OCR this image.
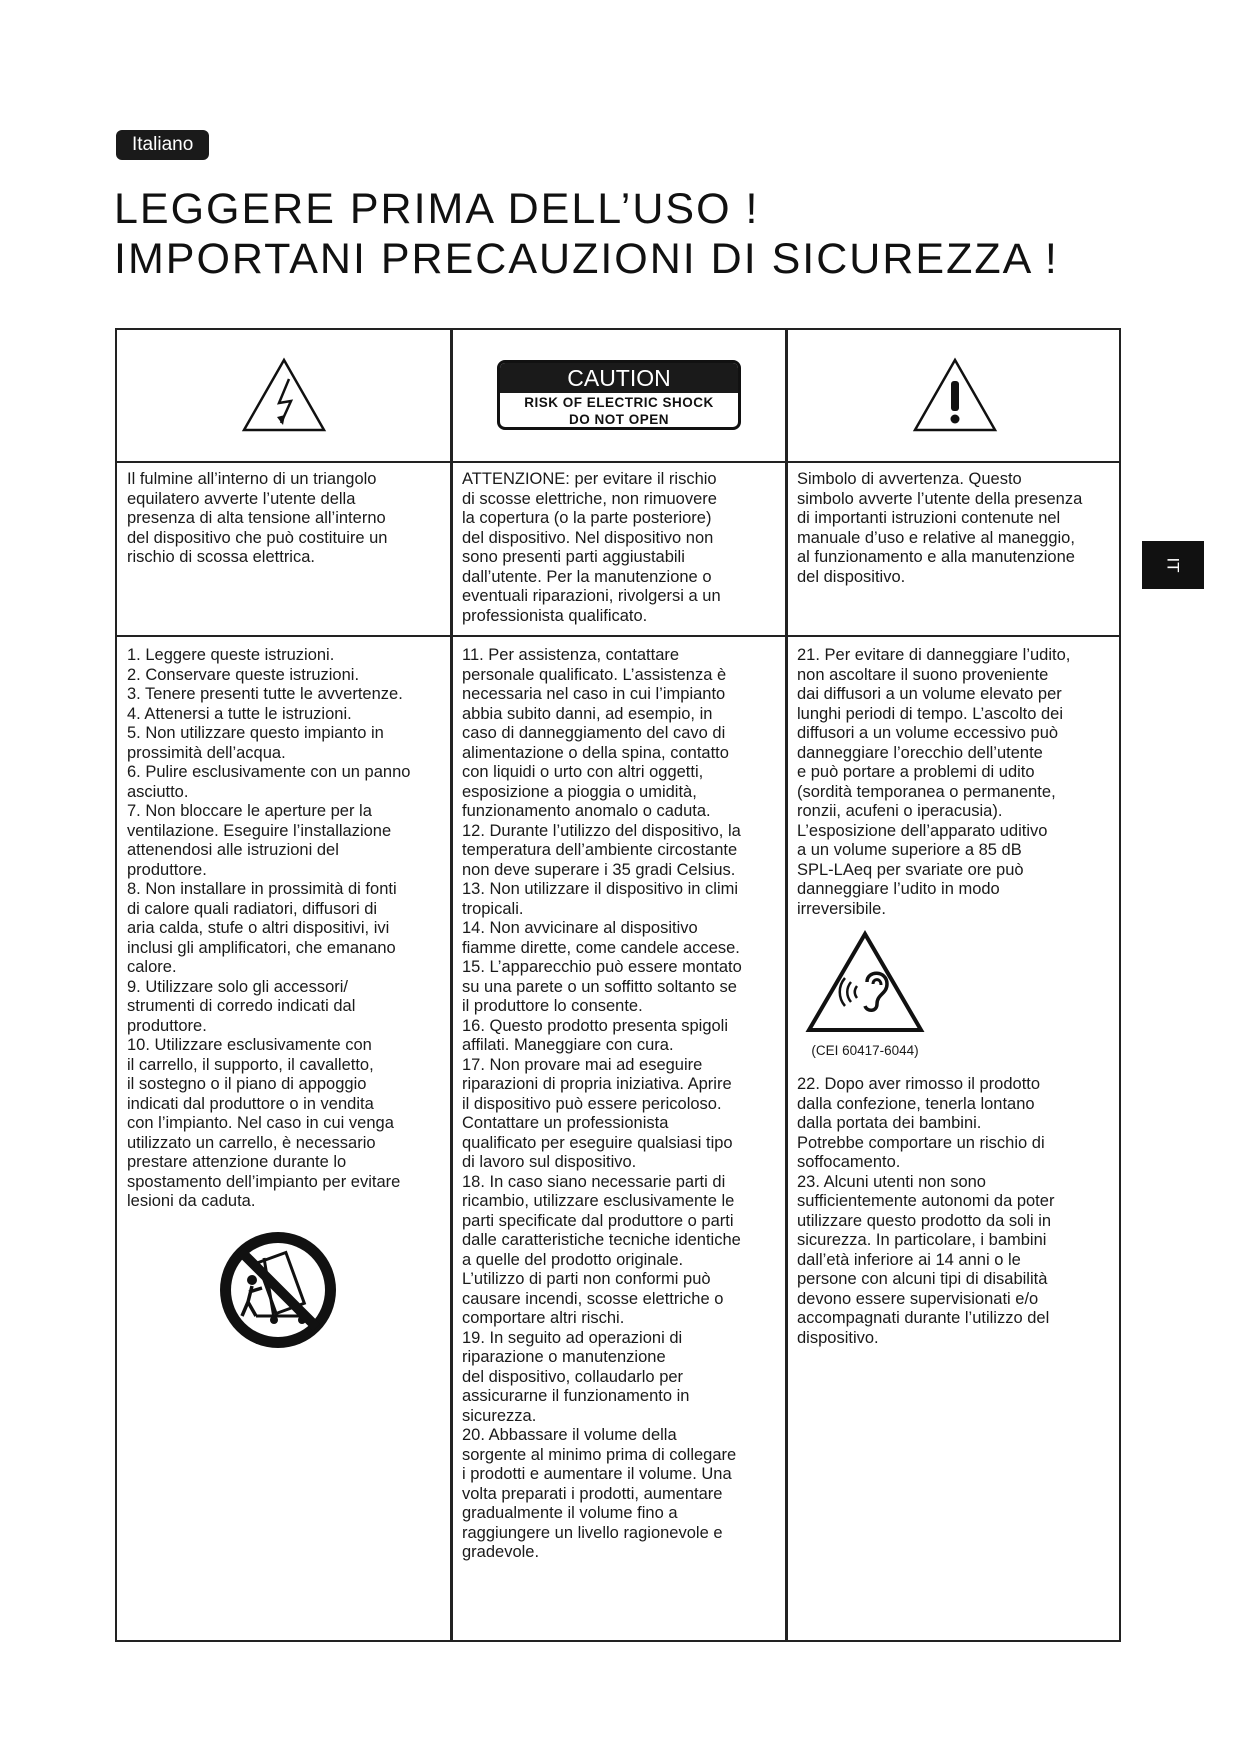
Italiano
LEGGERE PRIMA DELL’USO !
IMPORTANI PRECAUZIONI DI SICUREZZA !
IT
CAUTION
RISK OF ELECTRIC SHOCK
DO NOT OPEN

Il fulmine all’interno di un triangolo
equilatero avverte l’utente della
presenza di alta tensione all’interno
del dispositivo che può costituire un
rischio di scossa elettrica.

ATTENZIONE: per evitare il rischio
di scosse elettriche, non rimuovere
la copertura (o la parte posteriore)
del dispositivo. Nel dispositivo non
sono presenti parti aggiustabili
dall’utente. Per la manutenzione o
eventuali riparazioni, rivolgersi a un
professionista qualificato.

Simbolo di avvertenza. Questo
simbolo avverte l’utente della presenza
di importanti istruzioni contenute nel
manuale d’uso e relative al maneggio,
al funzionamento e alla manutenzione
del dispositivo.

1. Leggere queste istruzioni.
2. Conservare queste istruzioni.
3. Tenere presenti tutte le avvertenze.
4. Attenersi a tutte le istruzioni.
5. Non utilizzare questo impianto in
prossimità dell’acqua.
6. Pulire esclusivamente con un panno
asciutto.
7. Non bloccare le aperture per la
ventilazione. Eseguire l’installazione
attenendosi alle istruzioni del
produttore.
8. Non installare in prossimità di fonti
di calore quali radiatori, diffusori di
aria calda, stufe o altri dispositivi, ivi
inclusi gli amplificatori, che emanano
calore.
9. Utilizzare solo gli accessori/
strumenti di corredo indicati dal
produttore.
10. Utilizzare esclusivamente con
il carrello, il supporto, il cavalletto,
il sostegno o il piano di appoggio
indicati dal produttore o in vendita
con l’impianto. Nel caso in cui venga
utilizzato un carrello, è necessario
prestare attenzione durante lo
spostamento dell’impianto per evitare
lesioni da caduta.
11. Per assistenza, contattare
personale qualificato. L’assistenza è
necessaria nel caso in cui l’impianto
abbia subito danni, ad esempio, in
caso di danneggiamento del cavo di
alimentazione o della spina, contatto
con liquidi o urto con altri oggetti,
esposizione a pioggia o umidità,
funzionamento anomalo o caduta.
12. Durante l’utilizzo del dispositivo, la
temperatura dell’ambiente circostante
non deve superare i 35 gradi Celsius.
13. Non utilizzare il dispositivo in climi
tropicali.
14. Non avvicinare al dispositivo
fiamme dirette, come candele accese.
15. L’apparecchio può essere montato
su una parete o un soffitto soltanto se
il produttore lo consente.
16. Questo prodotto presenta spigoli
affilati. Maneggiare con cura.
17. Non provare mai ad eseguire
riparazioni di propria iniziativa. Aprire
il dispositivo può essere pericoloso.
Contattare un professionista
qualificato per eseguire qualsiasi tipo
di lavoro sul dispositivo.
18. In caso siano necessarie parti di
ricambio, utilizzare esclusivamente le
parti specificate dal produttore o parti
dalle caratteristiche tecniche identiche
a quelle del prodotto originale.
L’utilizzo di parti non conformi può
causare incendi, scosse elettriche o
comportare altri rischi.
19. In seguito ad operazioni di
riparazione o manutenzione
del dispositivo, collaudarlo per
assicurarne il funzionamento in
sicurezza.
20. Abbassare il volume della
sorgente al minimo prima di collegare
i prodotti e aumentare il volume. Una
volta preparati i prodotti, aumentare
gradualmente il volume fino a
raggiungere un livello ragionevole e
gradevole.
21. Per evitare di danneggiare l’udito,
non ascoltare il suono proveniente
dai diffusori a un volume elevato per
lunghi periodi di tempo. L’ascolto dei
diffusori a un volume eccessivo può
danneggiare l’orecchio dell’utente
e può portare a problemi di udito
(sordità temporanea o permanente,
ronzii, acufeni o iperacusia).
L’esposizione dell’apparato uditivo
a un volume superiore a 85 dB
SPL-LAeq per svariate ore può
danneggiare l’udito in modo
irreversibile.
22. Dopo aver rimosso il prodotto
dalla confezione, tenerla lontano
dalla portata dei bambini.
Potrebbe comportare un rischio di
soffocamento.
23. Alcuni utenti non sono
sufficientemente autonomi da poter
utilizzare questo prodotto da soli in
sicurezza. In particolare, i bambini
dall’età inferiore ai 14 anni o le
persone con alcuni tipi di disabilità
devono essere supervisionati e/o
accompagnati durante l’utilizzo del
dispositivo.
(CEI 60417-6044)
